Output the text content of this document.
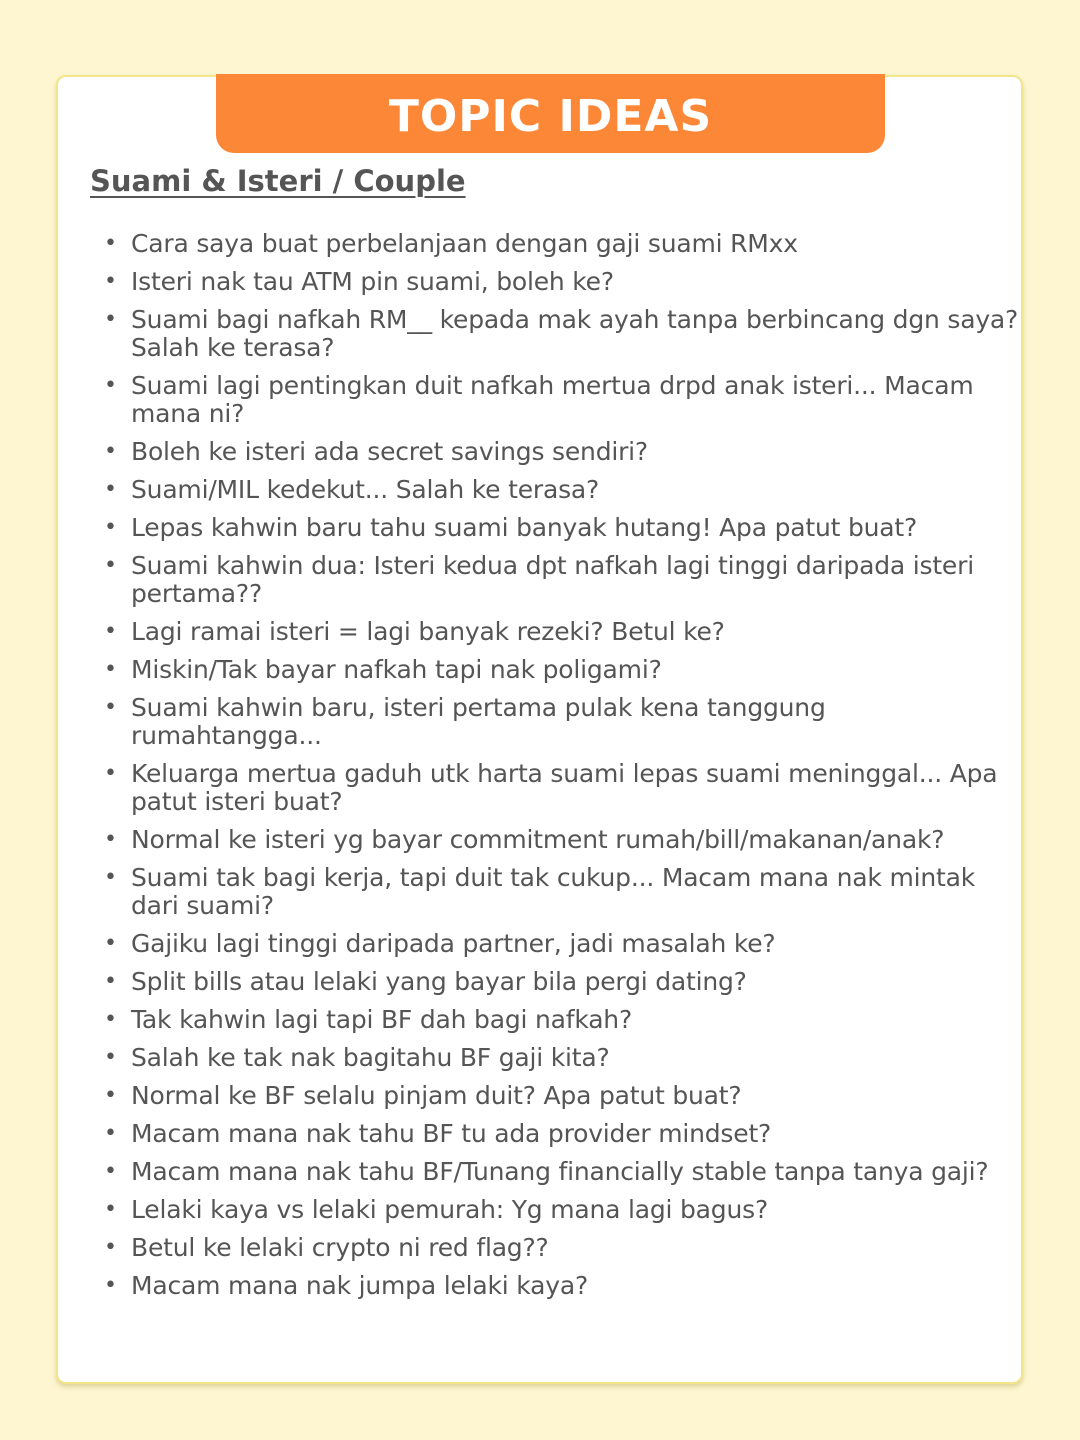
TOPIC IDEAS
Suami & Isteri / Couple
• Cara saya buat perbelanjaan dengan gaji suami RMxx
• Isteri nak tau ATM pin suami, boleh ke?
• Suami bagi nafkah RM__ kepada mak ayah tanpa berbincang dgn saya? Salah ke terasa?
• Suami lagi pentingkan duit nafkah mertua drpd anak isteri... Macam mana ni?
• Boleh ke isteri ada secret savings sendiri?
• Suami/MIL kedekut... Salah ke terasa?
• Lepas kahwin baru tahu suami banyak hutang! Apa patut buat?
• Suami kahwin dua: Isteri kedua dpt nafkah lagi tinggi daripada isteri pertama??
• Lagi ramai isteri = lagi banyak rezeki? Betul ke?
• Miskin/Tak bayar nafkah tapi nak poligami?
• Suami kahwin baru, isteri pertama pulak kena tanggung rumahtangga...
• Keluarga mertua gaduh utk harta suami lepas suami meninggal... Apa patut isteri buat?
• Normal ke isteri yg bayar commitment rumah/bill/makanan/anak?
• Suami tak bagi kerja, tapi duit tak cukup... Macam mana nak mintak dari suami?
• Gajiku lagi tinggi daripada partner, jadi masalah ke?
• Split bills atau lelaki yang bayar bila pergi dating?
• Tak kahwin lagi tapi BF dah bagi nafkah?
• Salah ke tak nak bagitahu BF gaji kita?
• Normal ke BF selalu pinjam duit? Apa patut buat?
• Macam mana nak tahu BF tu ada provider mindset?
• Macam mana nak tahu BF/Tunang financially stable tanpa tanya gaji?
• Lelaki kaya vs lelaki pemurah: Yg mana lagi bagus?
• Betul ke lelaki crypto ni red flag??
• Macam mana nak jumpa lelaki kaya?
